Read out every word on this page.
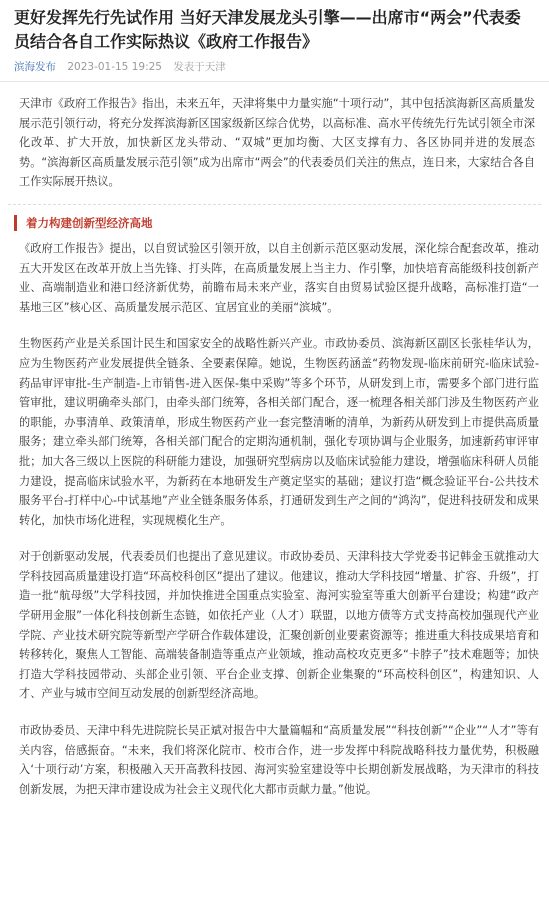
更好发挥先行先试作用 当好天津发展龙头引擎——出席市“两会”代表委员结合各自工作实际热议《政府工作报告》
滨海发布 2023-01-15 19:25 发表于天津

天津市《政府工作报告》指出，未来五年，天津将集中力量实施“十项行动”，其中包括滨海新区高质量发展示范引领行动，将充分发挥滨海新区国家级新区综合优势，以高标准、高水平传统先行先试引领全市深化改革、扩大开放，加快新区龙头带动、“双城”更加均衡、大区支撑有力、各区协同并进的发展态势。“滨海新区高质量发展示范引领”成为出席市“两会”的代表委员们关注的焦点，连日来，大家结合各自工作实际展开热议。

着力构建创新型经济高地

《政府工作报告》提出，以自贸试验区引领开放，以自主创新示范区驱动发展，深化综合配套改革，推动五大开发区在改革开放上当先锋、打头阵，在高质量发展上当主力、作引擎，加快培育高能级科技创新产业、高端制造业和港口经济新优势，前瞻布局未来产业，落实自由贸易试验区提升战略，高标准打造“一基地三区”核心区、高质量发展示范区、宜居宜业的美丽“滨城”。

生物医药产业是关系国计民生和国家安全的战略性新兴产业。市政协委员、滨海新区副区长张桂华认为，应为生物医药产业发展提供全链条、全要素保障。她说，生物医药涵盖“药物发现-临床前研究-临床试验-药品审评审批-生产制造-上市销售-进入医保-集中采购”等多个环节，从研发到上市，需要多个部门进行监管审批，建议明确牵头部门，由牵头部门统筹，各相关部门配合，逐一梳理各相关部门涉及生物医药产业的职能，办事清单、政策清单，形成生物医药产业一套完整清晰的清单，为新药从研发到上市提供高质量服务；建立牵头部门统筹，各相关部门配合的定期沟通机制，强化专项协调与企业服务，加速新药审评审批；加大各三级以上医院的科研能力建设，加强研究型病房以及临床试验能力建设，增强临床科研人员能力建设，提高临床试验水平，为新药在本地研发生产奠定坚实的基础；建议打造“概念验证平台-公共技术服务平台-打样中心-中试基地”产业全链条服务体系，打通研发到生产之间的“鸿沟”，促进科技研发和成果转化，加快市场化进程，实现规模化生产。

对于创新驱动发展，代表委员们也提出了意见建议。市政协委员、天津科技大学党委书记韩金玉就推动大学科技园高质量建设打造“环高校科创区”提出了建议。他建议，推动大学科技园“增量、扩容、升级”，打造一批“航母级”大学科技园，并加快推进全国重点实验室、海河实验室等重大创新平台建设；构建“政产学研用金服”一体化科技创新生态链，如依托产业（人才）联盟，以地方债等方式支持高校加强现代产业学院、产业技术研究院等新型产学研合作载体建设，汇聚创新创业要素资源等；推进重大科技成果培育和转移转化，聚焦人工智能、高端装备制造等重点产业领域，推动高校攻克更多“卡脖子”技术难题等；加快打造大学科技园带动、头部企业引领、平台企业支撑、创新企业集聚的“环高校科创区”，构建知识、人才、产业与城市空间互动发展的创新型经济高地。

市政协委员、天津中科先进院院长吴正斌对报告中大量篇幅和“高质量发展”“科技创新”“企业”“人才”等有关内容，倍感振奋。“未来，我们将深化院市、校市合作，进一步发挥中科院战略科技力量优势，积极融入‘十项行动’方案，积极融入天开高教科技园、海河实验室建设等中长期创新发展战略，为天津市的科技创新发展，为把天津市建设成为社会主义现代化大都市贡献力量。”他说。
